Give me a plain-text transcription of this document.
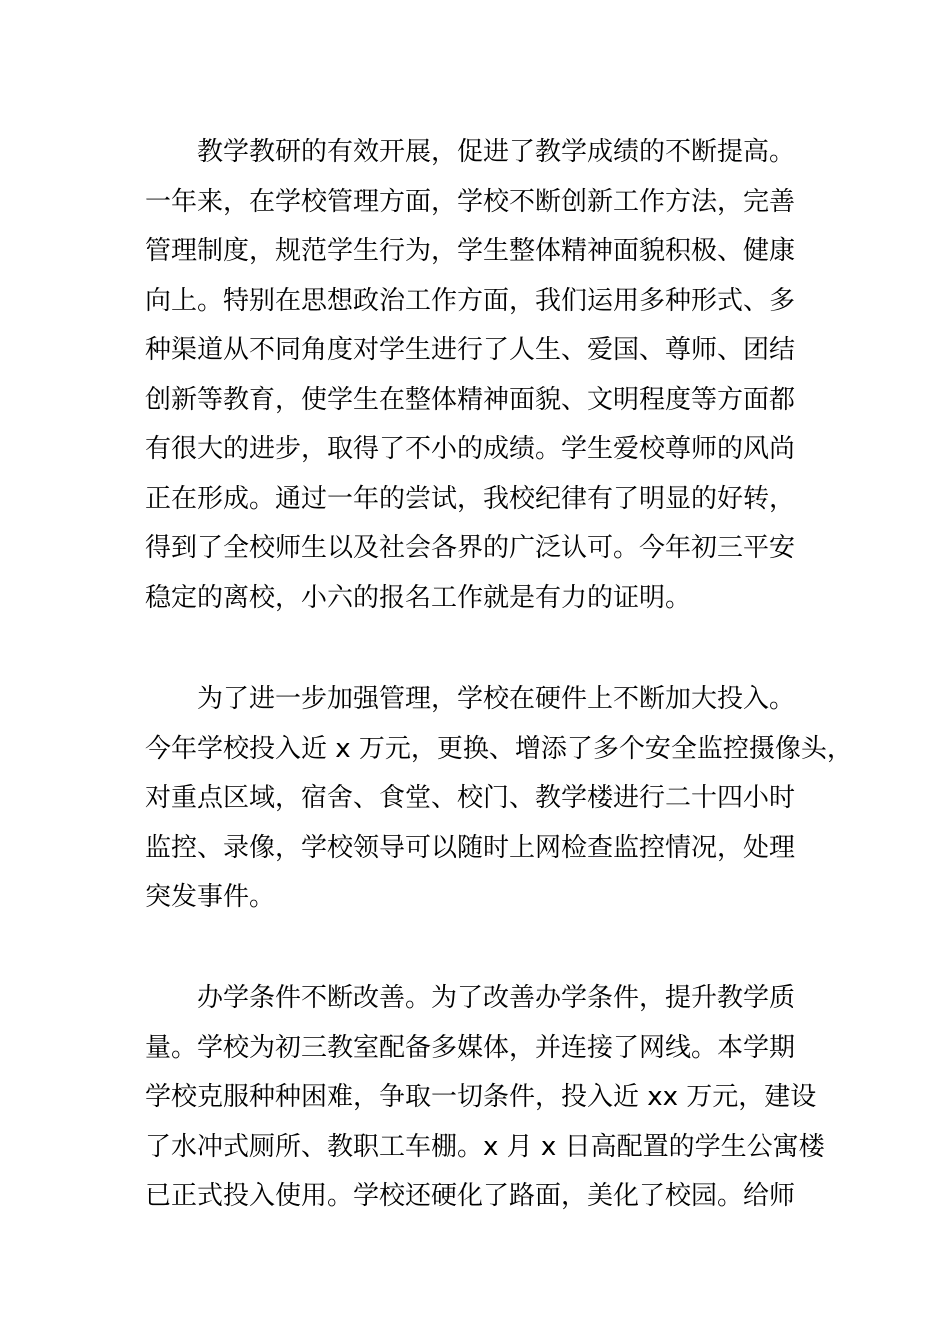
教学教研的有效开展，促进了教学成绩的不断提高。
一年来，在学校管理方面，学校不断创新工作方法，完善
管理制度，规范学生行为，学生整体精神面貌积极、健康
向上。特别在思想政治工作方面，我们运用多种形式、多
种渠道从不同角度对学生进行了人生、爱国、尊师、团结
创新等教育，使学生在整体精神面貌、文明程度等方面都
有很大的进步，取得了不小的成绩。学生爱校尊师的风尚
正在形成。通过一年的尝试，我校纪律有了明显的好转，
得到了全校师生以及社会各界的广泛认可。今年初三平安
稳定的离校，小六的报名工作就是有力的证明。
为了进一步加强管理，学校在硬件上不断加大投入。
今年学校投入近 x 万元，更换、增添了多个安全监控摄像头，
对重点区域，宿舍、食堂、校门、教学楼进行二十四小时
监控、录像，学校领导可以随时上网检查监控情况，处理
突发事件。
办学条件不断改善。为了改善办学条件，提升教学质
量。学校为初三教室配备多媒体，并连接了网线。本学期
学校克服种种困难，争取一切条件，投入近 xx 万元，建设
了水冲式厕所、教职工车棚。x 月 x 日高配置的学生公寓楼
已正式投入使用。学校还硬化了路面，美化了校园。给师
